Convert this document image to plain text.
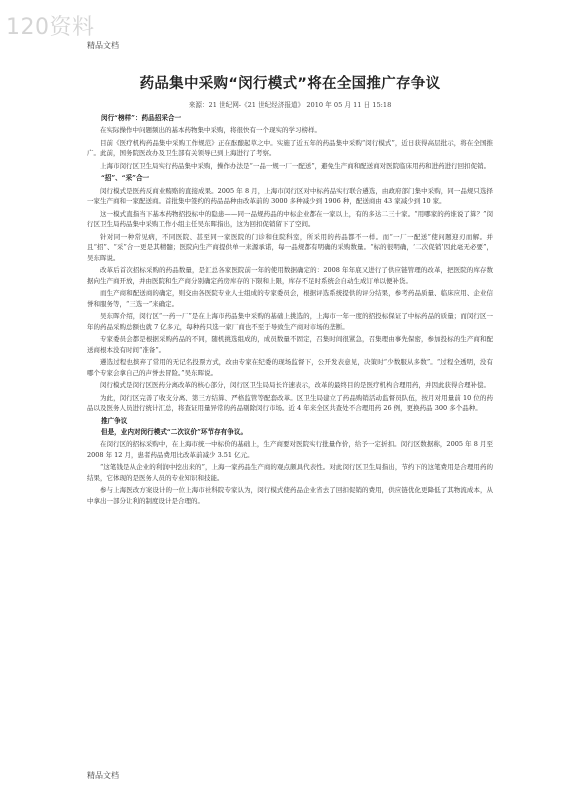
120资料
精品文档
药品集中采购“闵行模式”将在全国推广存争议
来源：21 世纪网-《21 世纪经济报道》 2010 年 05 月 11 日 15:18

闵行“榜样”：药品招采合一

在实际操作中问题频出的基本药物集中采购，将很快有一个现实的学习榜样。

目前《医疗机构药品集中采购工作规范》正在酝酿起草之中。实施了近五年的药品集中采购“闵行模式”，近日获得高层批示，将在全国推广。此前，国务院医改办及卫生部有关领导已到上海进行了考察。

上海市闵行区卫生局实行药品集中采购，操作办法是“一品一规一厂一配送”，避免生产商和配送商对医院临床用药和进药进行回扣促销。

“招”、“采”合一

闵行模式是医药反商业贿赂的直接成果。2005 年 8 月，上海市闵行区对中标药品实行联合遴选，由政府部门集中采购，同一品规只选择一家生产商和一家配送商。首批集中签约的药品品种由改革前的 3000 多种减少到 1906 种，配送商由 43 家减少到 10 家。

这一模式直指当下基本药物招投标中的隐患——同一品规药品的中标企业都在一家以上，有的多达二三十家。“用哪家的药谁说了算？”闵行区卫生局药品集中采购工作小组主任吴东晖指出，这为回扣促销留下了空间。

针对同一种常见病，不同医院、甚至同一家医院的门诊和住院科室，所采用的药品都不一样。而“一厂一配送”使问题迎刃而解。并且“招”、“采”合一更是其精髓；医院向生产商提供单一来源承诺，每一品规都有明确的采购数量。“标的很明确，‘二次促销’因此毫无必要”，吴东晖说。

改革后首次招标采购的药品数量，是汇总各家医院前一年的使用数据确定的：2008 年年底又进行了供应链管理的改革，把医院的库存数据向生产商开放，并由医院和生产商分别确定药房库存的下限和上限，库存不足时系统会自动生成订单以便补货。

而生产商和配送商的确定，则交由各医院专业人士组成的专家委员会，根据评选系统提供的评分结果，参考药品质量、临床应用、企业信誉和服务等，“三选一”来确定。

吴东晖介绍，闵行区“一药一厂”是在上海市药品集中采购的基础上挑选的，上海市一年一度的招投标保证了中标药品的质量；而闵行区一年的药品采购总额也就 7 亿多元，每种药只选一家厂商也不至于导致生产商对市场的垄断。

专家委员会都是根据采购药品的不同，随机挑选组成的，成员数量不固定，召集时间很紧急，召集理由事先保密，参加投标的生产商和配送商根本没有时间“准备”。

遴选过程也摈弃了常用的无记名投票方式，改由专家在纪委的现场监督下，公开发表意见，决策时“少数服从多数”。“过程全透明，没有哪个专家会拿自己的声誉去冒险。”吴东晖说。

闵行模式是闵行区医药分离改革的核心部分，闵行区卫生局局长许速表示，改革的最终目的是医疗机构合理用药，并因此获得合理补偿。

为此，闵行区完善了收支分离、第三方结算、严格监管等配套改革。区卫生局建立了药品购销活动监督员队伍，按月对用量前 10 位的药品以及医务人员进行统计汇总，将查证用量异常的药品剔除闵行市场。近 4 年来全区共查处不合理用药 26 例，更换药品 300 多个品种。

推广争议

但是，业内对闵行模式“二次议价”环节存有争议。

在闵行区的招标采购中，在上海市统一中标价的基础上，生产商要对医院实行批量作价，给予一定折扣。闵行区数据称，2005 年 8 月至 2008 年 12 月，患者药品费用比改革前减少 3.51 亿元。

“这笔钱是从企业的利润中挖出来的”，上海一家药品生产商的观点颇具代表性。对此闵行区卫生局指出，节约下的这笔费用是合理用药的结果，它体现的是医务人员的专业知识和技能。

参与上海医改方案设计的一位上海市社科院专家认为，闵行模式使药品企业省去了回扣促销的费用，供应链优化更降低了其物流成本，从中拿出一部分让利的制度设计是合理的。

精品文档
